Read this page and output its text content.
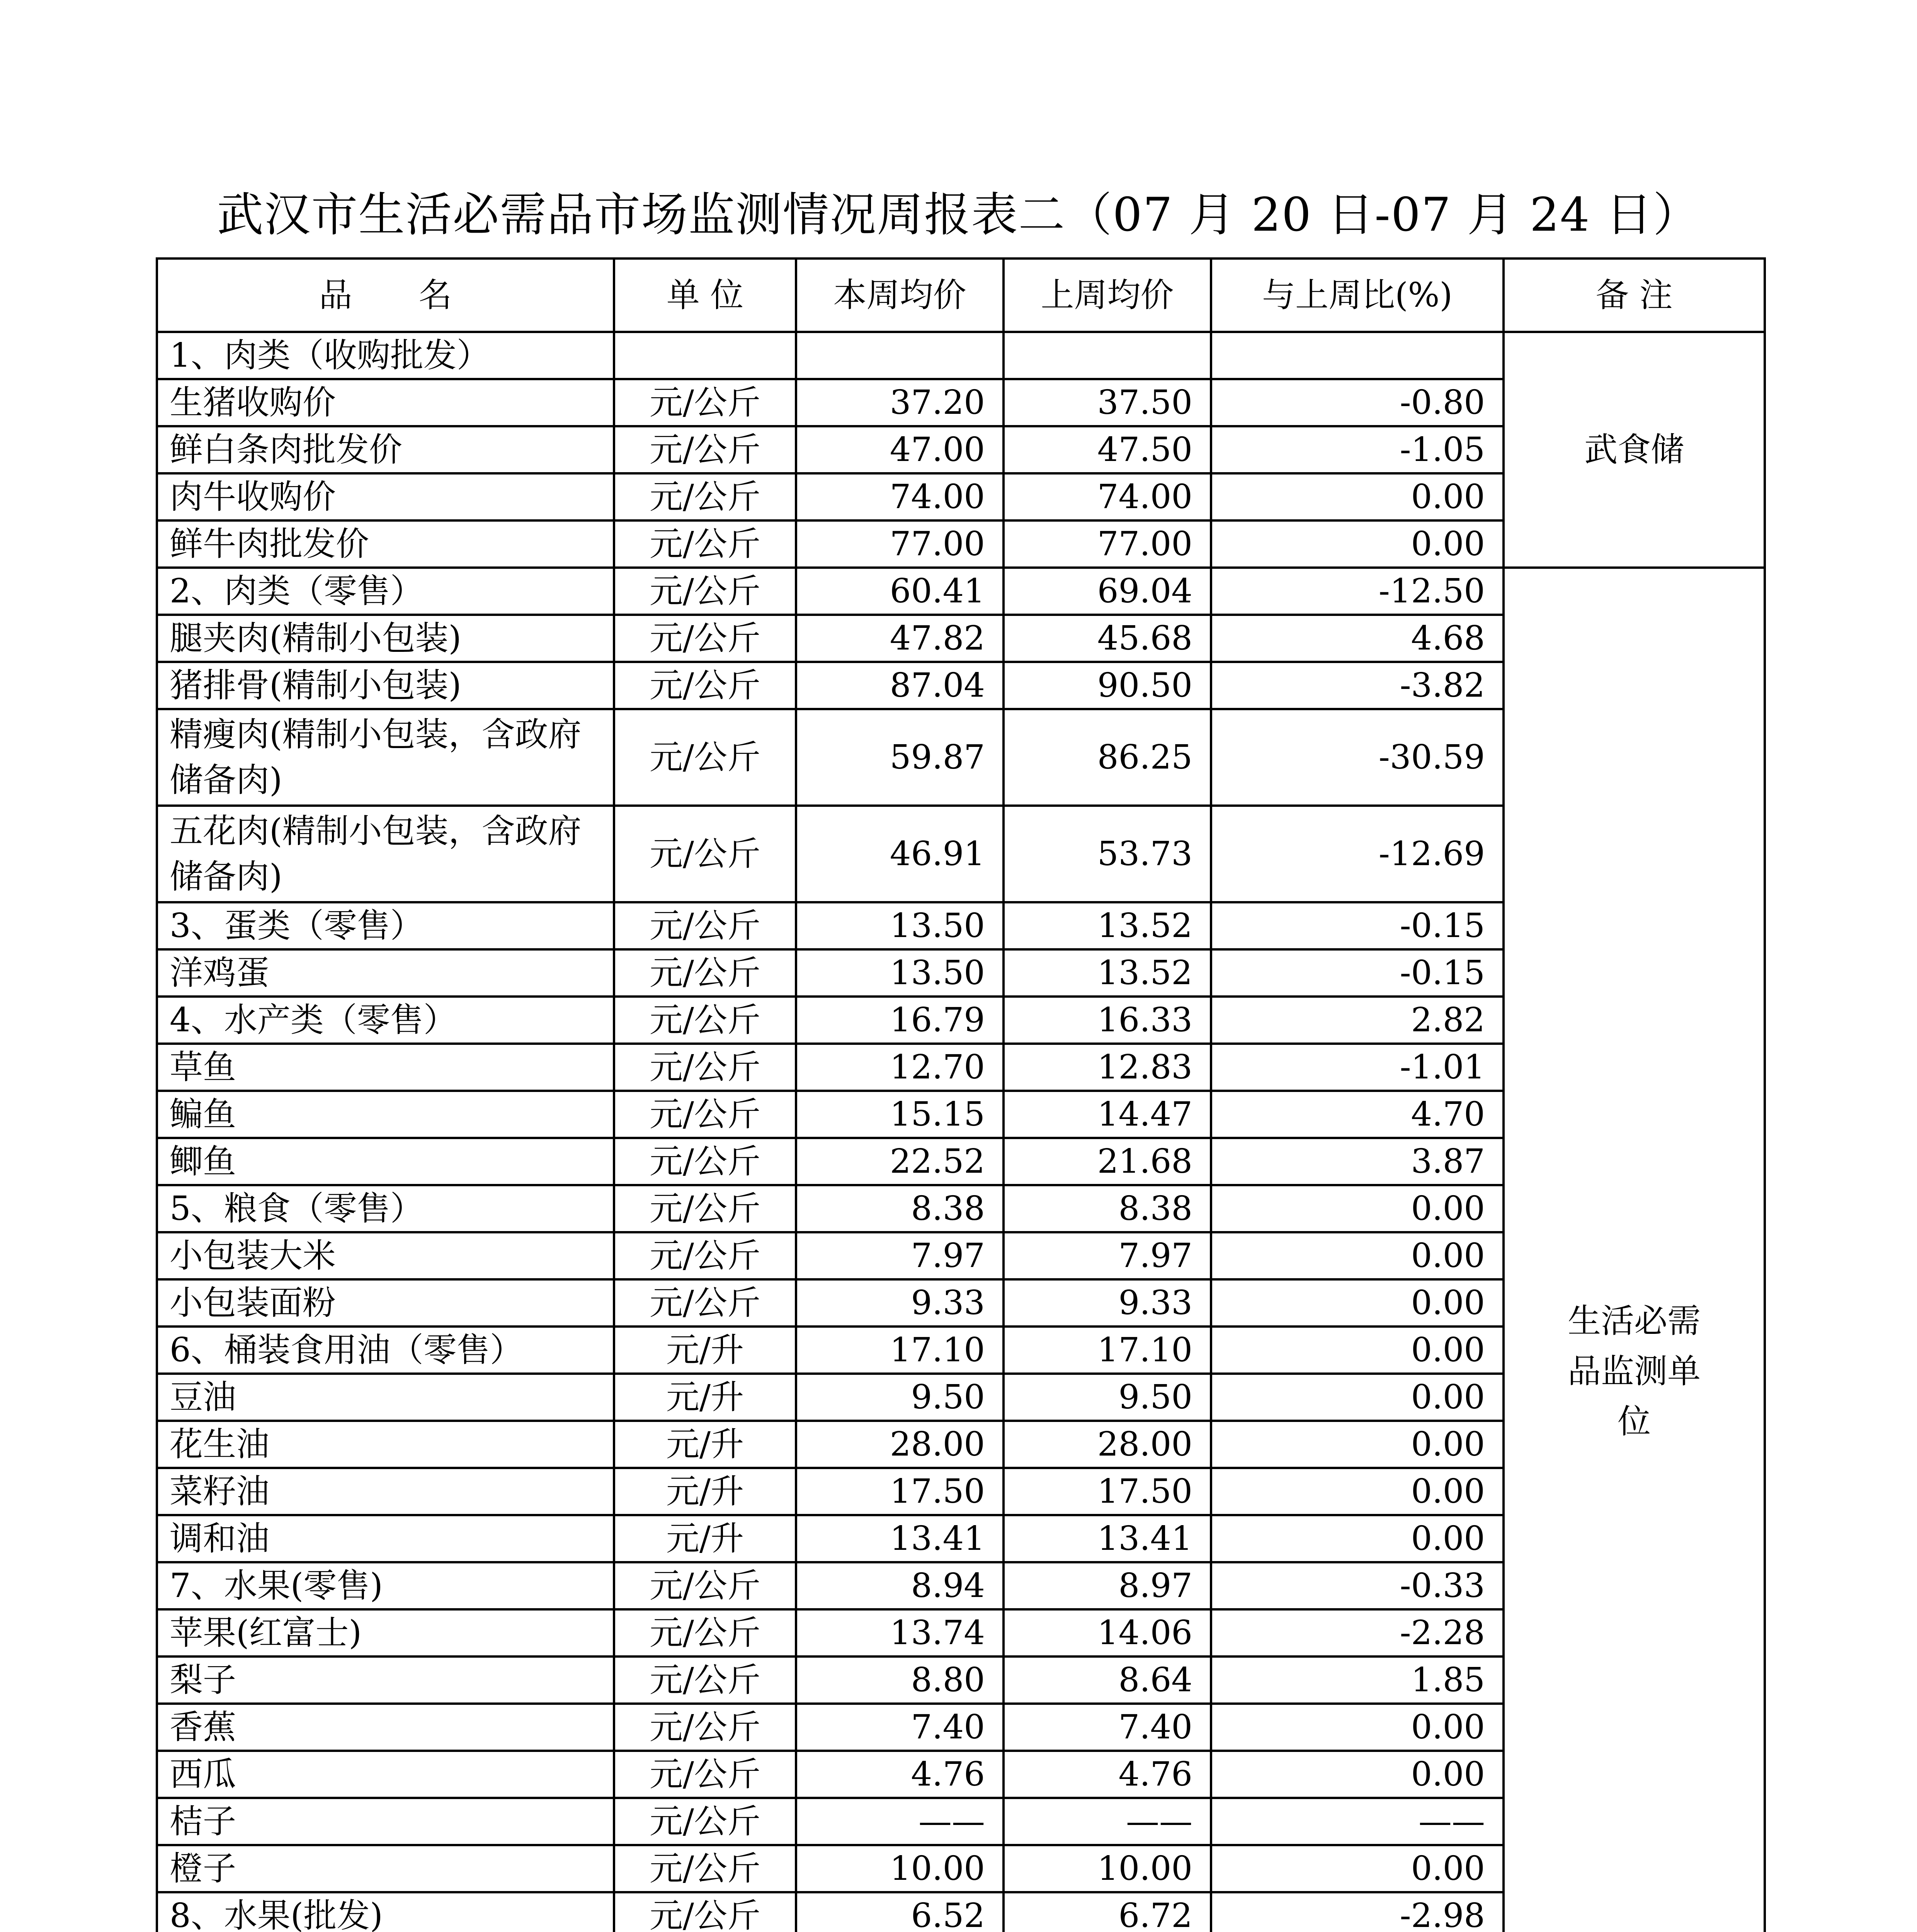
武汉市生活必需品市场监测情况周报表二（07 月 20 日-07 月 24 日）
品　　名	单 位	本周均价	上周均价	与上周比(%)	备 注
1、肉类（收购批发）					武食储
生猪收购价	元/公斤	37.20	37.50	-0.80	
鲜白条肉批发价	元/公斤	47.00	47.50	-1.05	
肉牛收购价	元/公斤	74.00	74.00	0.00	
鲜牛肉批发价	元/公斤	77.00	77.00	0.00	
2、肉类（零售）	元/公斤	60.41	69.04	-12.50	生活必需品监测单位
腿夹肉(精制小包装)	元/公斤	47.82	45.68	4.68	
猪排骨(精制小包装)	元/公斤	87.04	90.50	-3.82	
精瘦肉(精制小包装，含政府储备肉)	元/公斤	59.87	86.25	-30.59	
五花肉(精制小包装，含政府储备肉)	元/公斤	46.91	53.73	-12.69	
3、蛋类（零售）	元/公斤	13.50	13.52	-0.15	
洋鸡蛋	元/公斤	13.50	13.52	-0.15	
4、水产类（零售）	元/公斤	16.79	16.33	2.82	
草鱼	元/公斤	12.70	12.83	-1.01	
鳊鱼	元/公斤	15.15	14.47	4.70	
鲫鱼	元/公斤	22.52	21.68	3.87	
5、粮食（零售）	元/公斤	8.38	8.38	0.00	
小包装大米	元/公斤	7.97	7.97	0.00	
小包装面粉	元/公斤	9.33	9.33	0.00	
6、桶装食用油（零售）	元/升	17.10	17.10	0.00	
豆油	元/升	9.50	9.50	0.00	
花生油	元/升	28.00	28.00	0.00	
菜籽油	元/升	17.50	17.50	0.00	
调和油	元/升	13.41	13.41	0.00	
7、水果(零售)	元/公斤	8.94	8.97	-0.33	
苹果(红富士)	元/公斤	13.74	14.06	-2.28	
梨子	元/公斤	8.80	8.64	1.85	
香蕉	元/公斤	7.40	7.40	0.00	
西瓜	元/公斤	4.76	4.76	0.00	
桔子	元/公斤	——	——	——	
橙子	元/公斤	10.00	10.00	0.00	
8、水果(批发)	元/公斤	6.52	6.72	-2.98	
